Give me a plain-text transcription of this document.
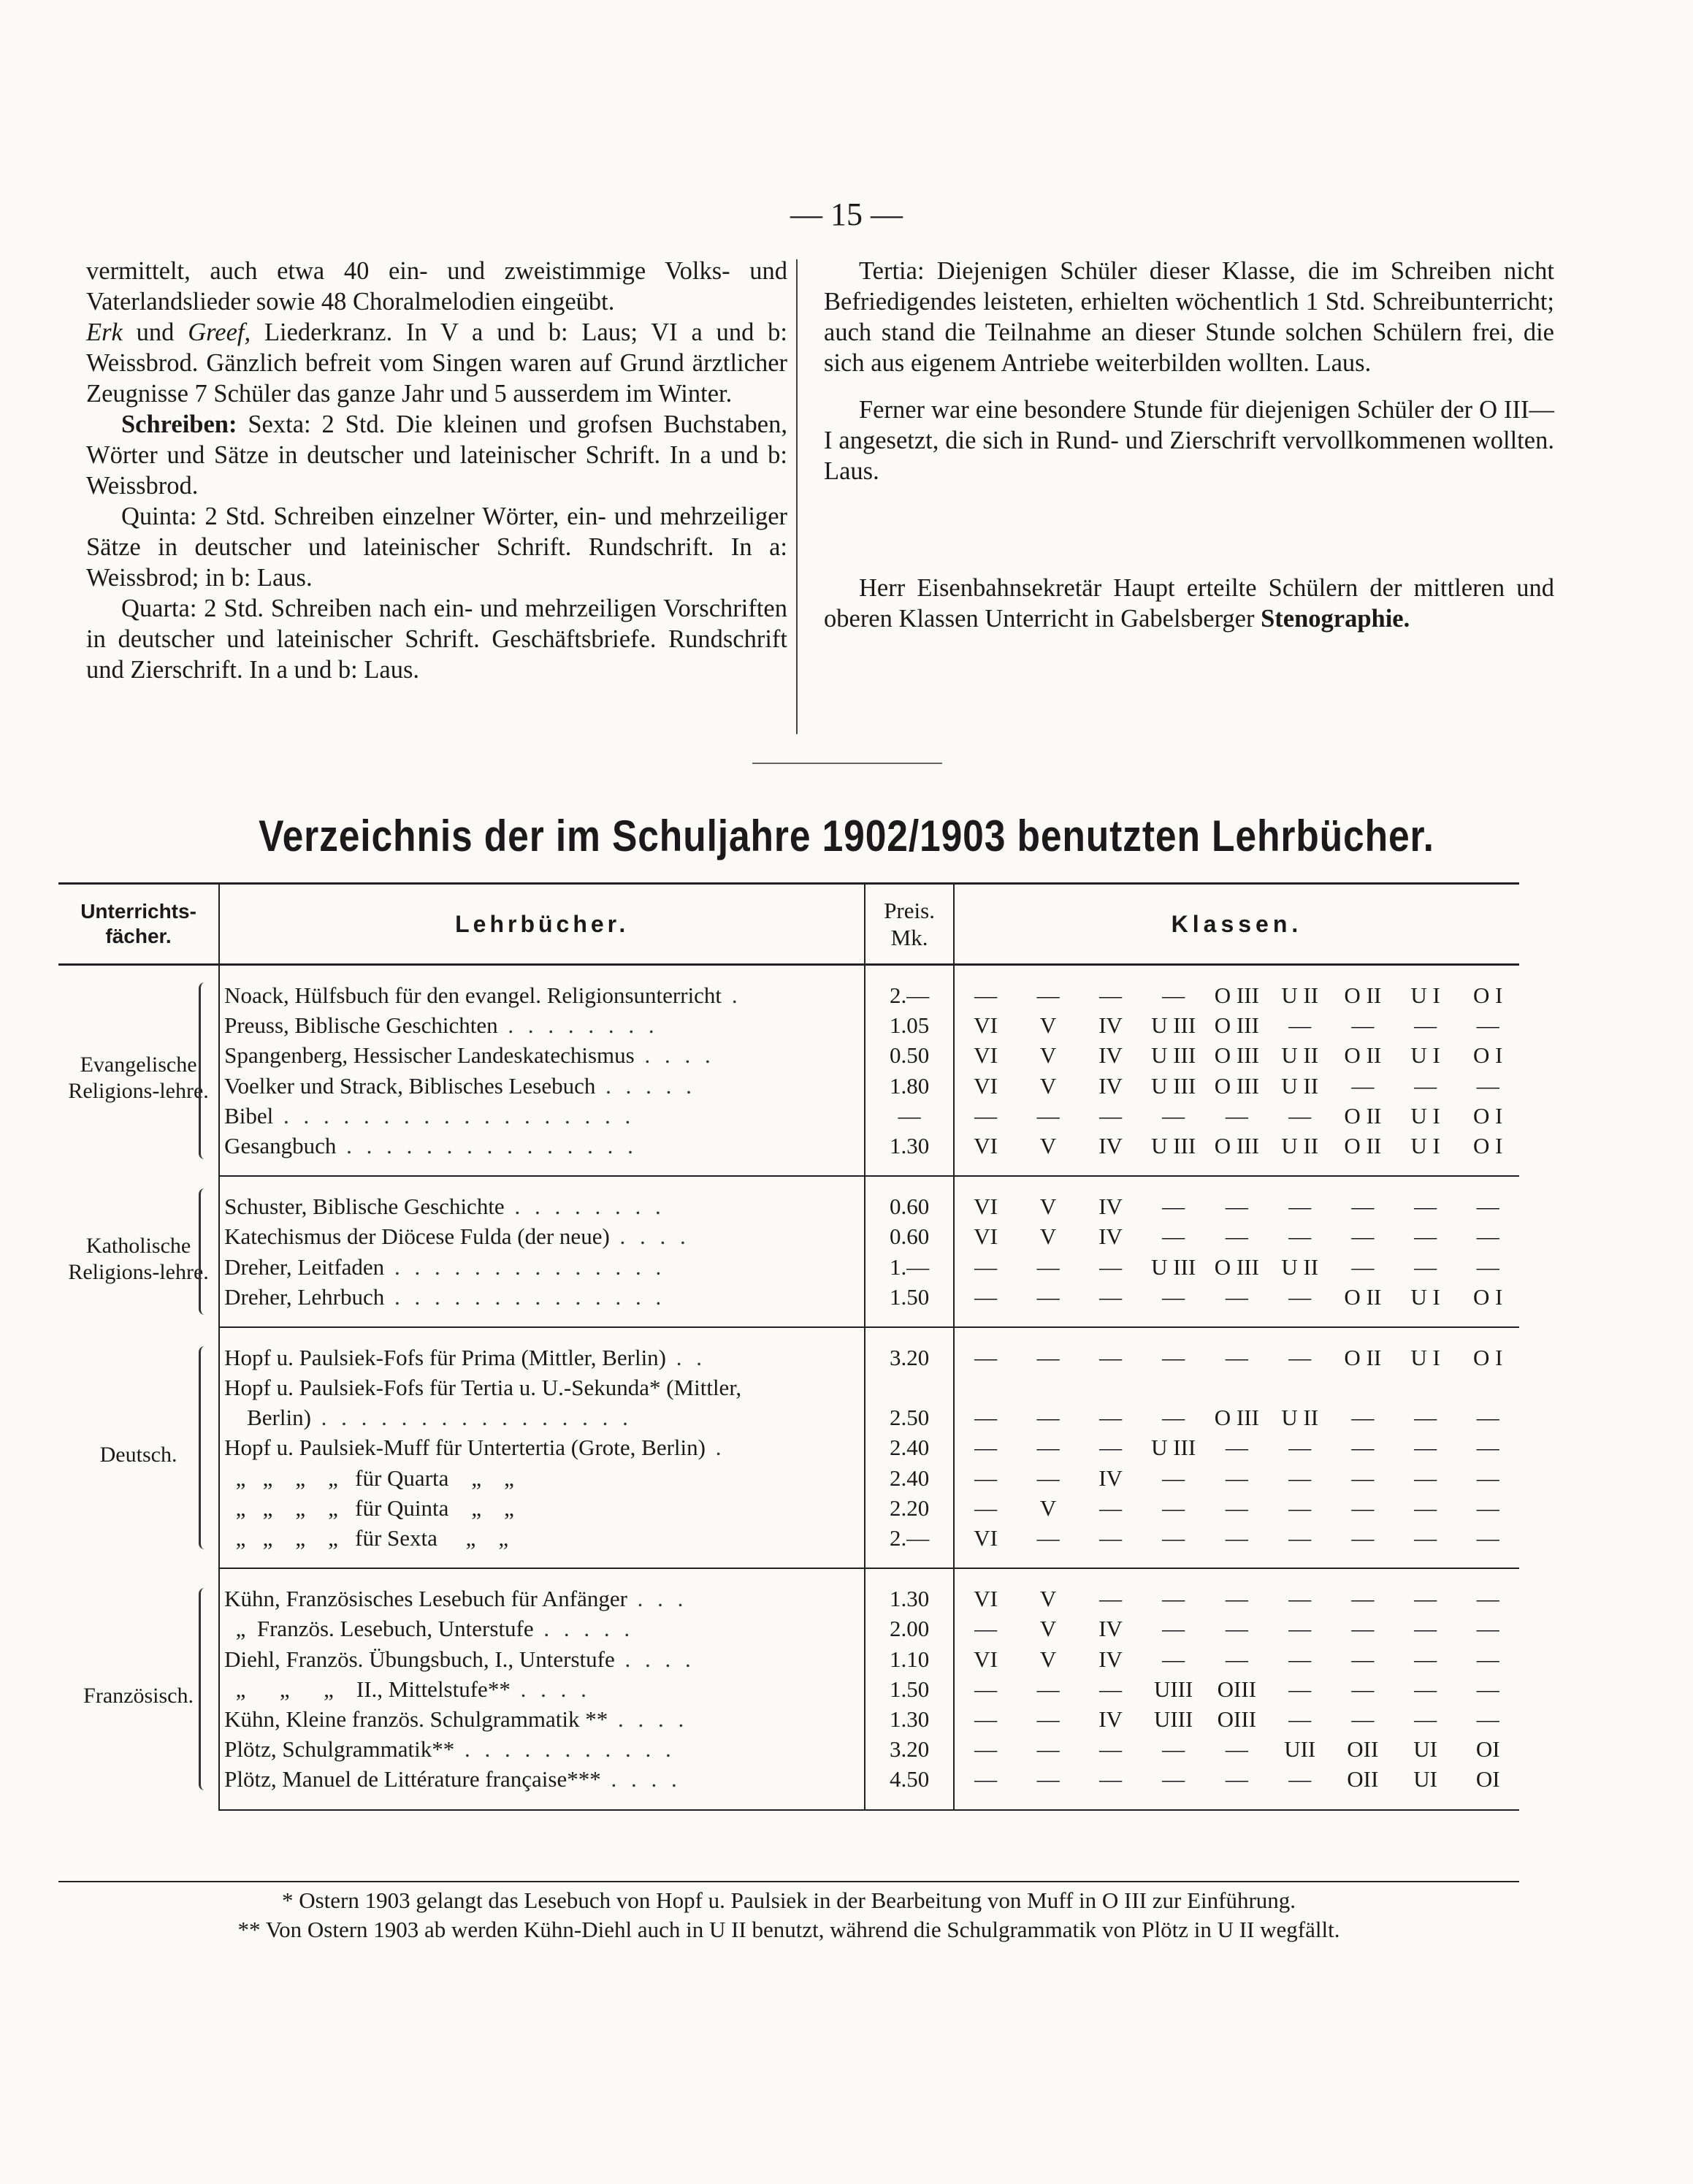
— 15 —

vermittelt, auch etwa 40 ein- und zweistimmige Volks- und Vaterlandslieder sowie 48 Choralmelodien eingeübt.

Erk und Greef, Liederkranz. In V a und b: Laus; VI a und b: Weissbrod. Gänzlich befreit vom Singen waren auf Grund ärztlicher Zeugnisse 7 Schüler das ganze Jahr und 5 ausserdem im Winter.

Schreiben: Sexta: 2 Std. Die kleinen und grofsen Buchstaben, Wörter und Sätze in deutscher und lateinischer Schrift. In a und b: Weissbrod.

Quinta: 2 Std. Schreiben einzelner Wörter, ein- und mehrzeiliger Sätze in deutscher und lateinischer Schrift. Rundschrift. In a: Weissbrod; in b: Laus.

Quarta: 2 Std. Schreiben nach ein- und mehrzeiligen Vorschriften in deutscher und lateinischer Schrift. Geschäftsbriefe. Rundschrift und Zierschrift. In a und b: Laus.

Tertia: Diejenigen Schüler dieser Klasse, die im Schreiben nicht Befriedigendes leisteten, erhielten wöchentlich 1 Std. Schreibunterricht; auch stand die Teilnahme an dieser Stunde solchen Schülern frei, die sich aus eigenem Antriebe weiterbilden wollten. Laus.

Ferner war eine besondere Stunde für diejenigen Schüler der O III—I angesetzt, die sich in Rund- und Zierschrift vervollkommenen wollten. Laus.

Herr Eisenbahnsekretär Haupt erteilte Schülern der mittleren und oberen Klassen Unterricht in Gabelsberger Stenographie.

Verzeichnis der im Schuljahre 1902/1903 benutzten Lehrbücher.
Unterrichts-fächer.	Lehrbücher.	Preis. Mk.	Klassen.								
Evangelische Religions-lehre.	Noack, Hülfsbuch für den evangel. Religionsunterricht .	2.—	—	—	—	—	O III	U II	O II	U I	O I
	Preuss, Biblische Geschichten . . . . . . . .	1.05	VI	V	IV	U III	O III	—	—	—	—
	Spangenberg, Hessischer Landeskatechismus . . . .	0.50	VI	V	IV	U III	O III	U II	O II	U I	O I
	Voelker und Strack, Biblisches Lesebuch . . . . .	1.80	VI	V	IV	U III	O III	U II	—	—	—
	Bibel . . . . . . . . . . . . . . . . . .	—	—	—	—	—	—	—	O II	U I	O I
	Gesangbuch . . . . . . . . . . . . . . .	1.30	VI	V	IV	U III	O III	U II	O II	U I	O I
Katholische Religions-lehre.	Schuster, Biblische Geschichte . . . . . . . .	0.60	VI	V	IV	—	—	—	—	—	—
	Katechismus der Diöcese Fulda (der neue) . . . .	0.60	VI	V	IV	—	—	—	—	—	—
	Dreher, Leitfaden . . . . . . . . . . . . . .	1.—	—	—	—	U III	O III	U II	—	—	—
	Dreher, Lehrbuch . . . . . . . . . . . . . .	1.50	—	—	—	—	—	—	O II	U I	O I
Deutsch.	Hopf u. Paulsiek-Fofs für Prima (Mittler, Berlin) . .	3.20	—	—	—	—	—	—	O II	U I	O I
	Hopf u. Paulsiek-Fofs für Tertia u. U.-Sekunda* (Mittler,										
	Berlin) . . . . . . . . . . . . . . . .	2.50	—	—	—	—	O III	U II	—	—	—
	Hopf u. Paulsiek-Muff für Untertertia (Grote, Berlin) .	2.40	—	—	—	U III	—	—	—	—	—
	„   „    „    „   für Quarta    „    „	2.40	—	—	IV	—	—	—	—	—	—
	„   „    „    „   für Quinta    „    „	2.20	—	V	—	—	—	—	—	—	—
	„   „    „    „   für Sexta     „    „	2.—	VI	—	—	—	—	—	—	—	—
Französisch.	Kühn, Französisches Lesebuch für Anfänger . . .	1.30	VI	V	—	—	—	—	—	—	—
	„  Französ. Lesebuch, Unterstufe . . . . .	2.00	—	V	IV	—	—	—	—	—	—
	Diehl, Französ. Übungsbuch, I., Unterstufe . . . .	1.10	VI	V	IV	—	—	—	—	—	—
	„      „      „    II., Mittelstufe** . . . .	1.50	—	—	—	UIII	OIII	—	—	—	—
	Kühn, Kleine französ. Schulgrammatik ** . . . .	1.30	—	—	IV	UIII	OIII	—	—	—	—
	Plötz, Schulgrammatik** . . . . . . . . . . .	3.20	—	—	—	—	—	UII	OII	UI	OI
	Plötz, Manuel de Littérature française*** . . . .	4.50	—	—	—	—	—	—	OII	UI	OI

* Ostern 1903 gelangt das Lesebuch von Hopf u. Paulsiek in der Bearbeitung von Muff in O III zur Einführung.

** Von Ostern 1903 ab werden Kühn-Diehl auch in U II benutzt, während die Schulgrammatik von Plötz in U II wegfällt.
